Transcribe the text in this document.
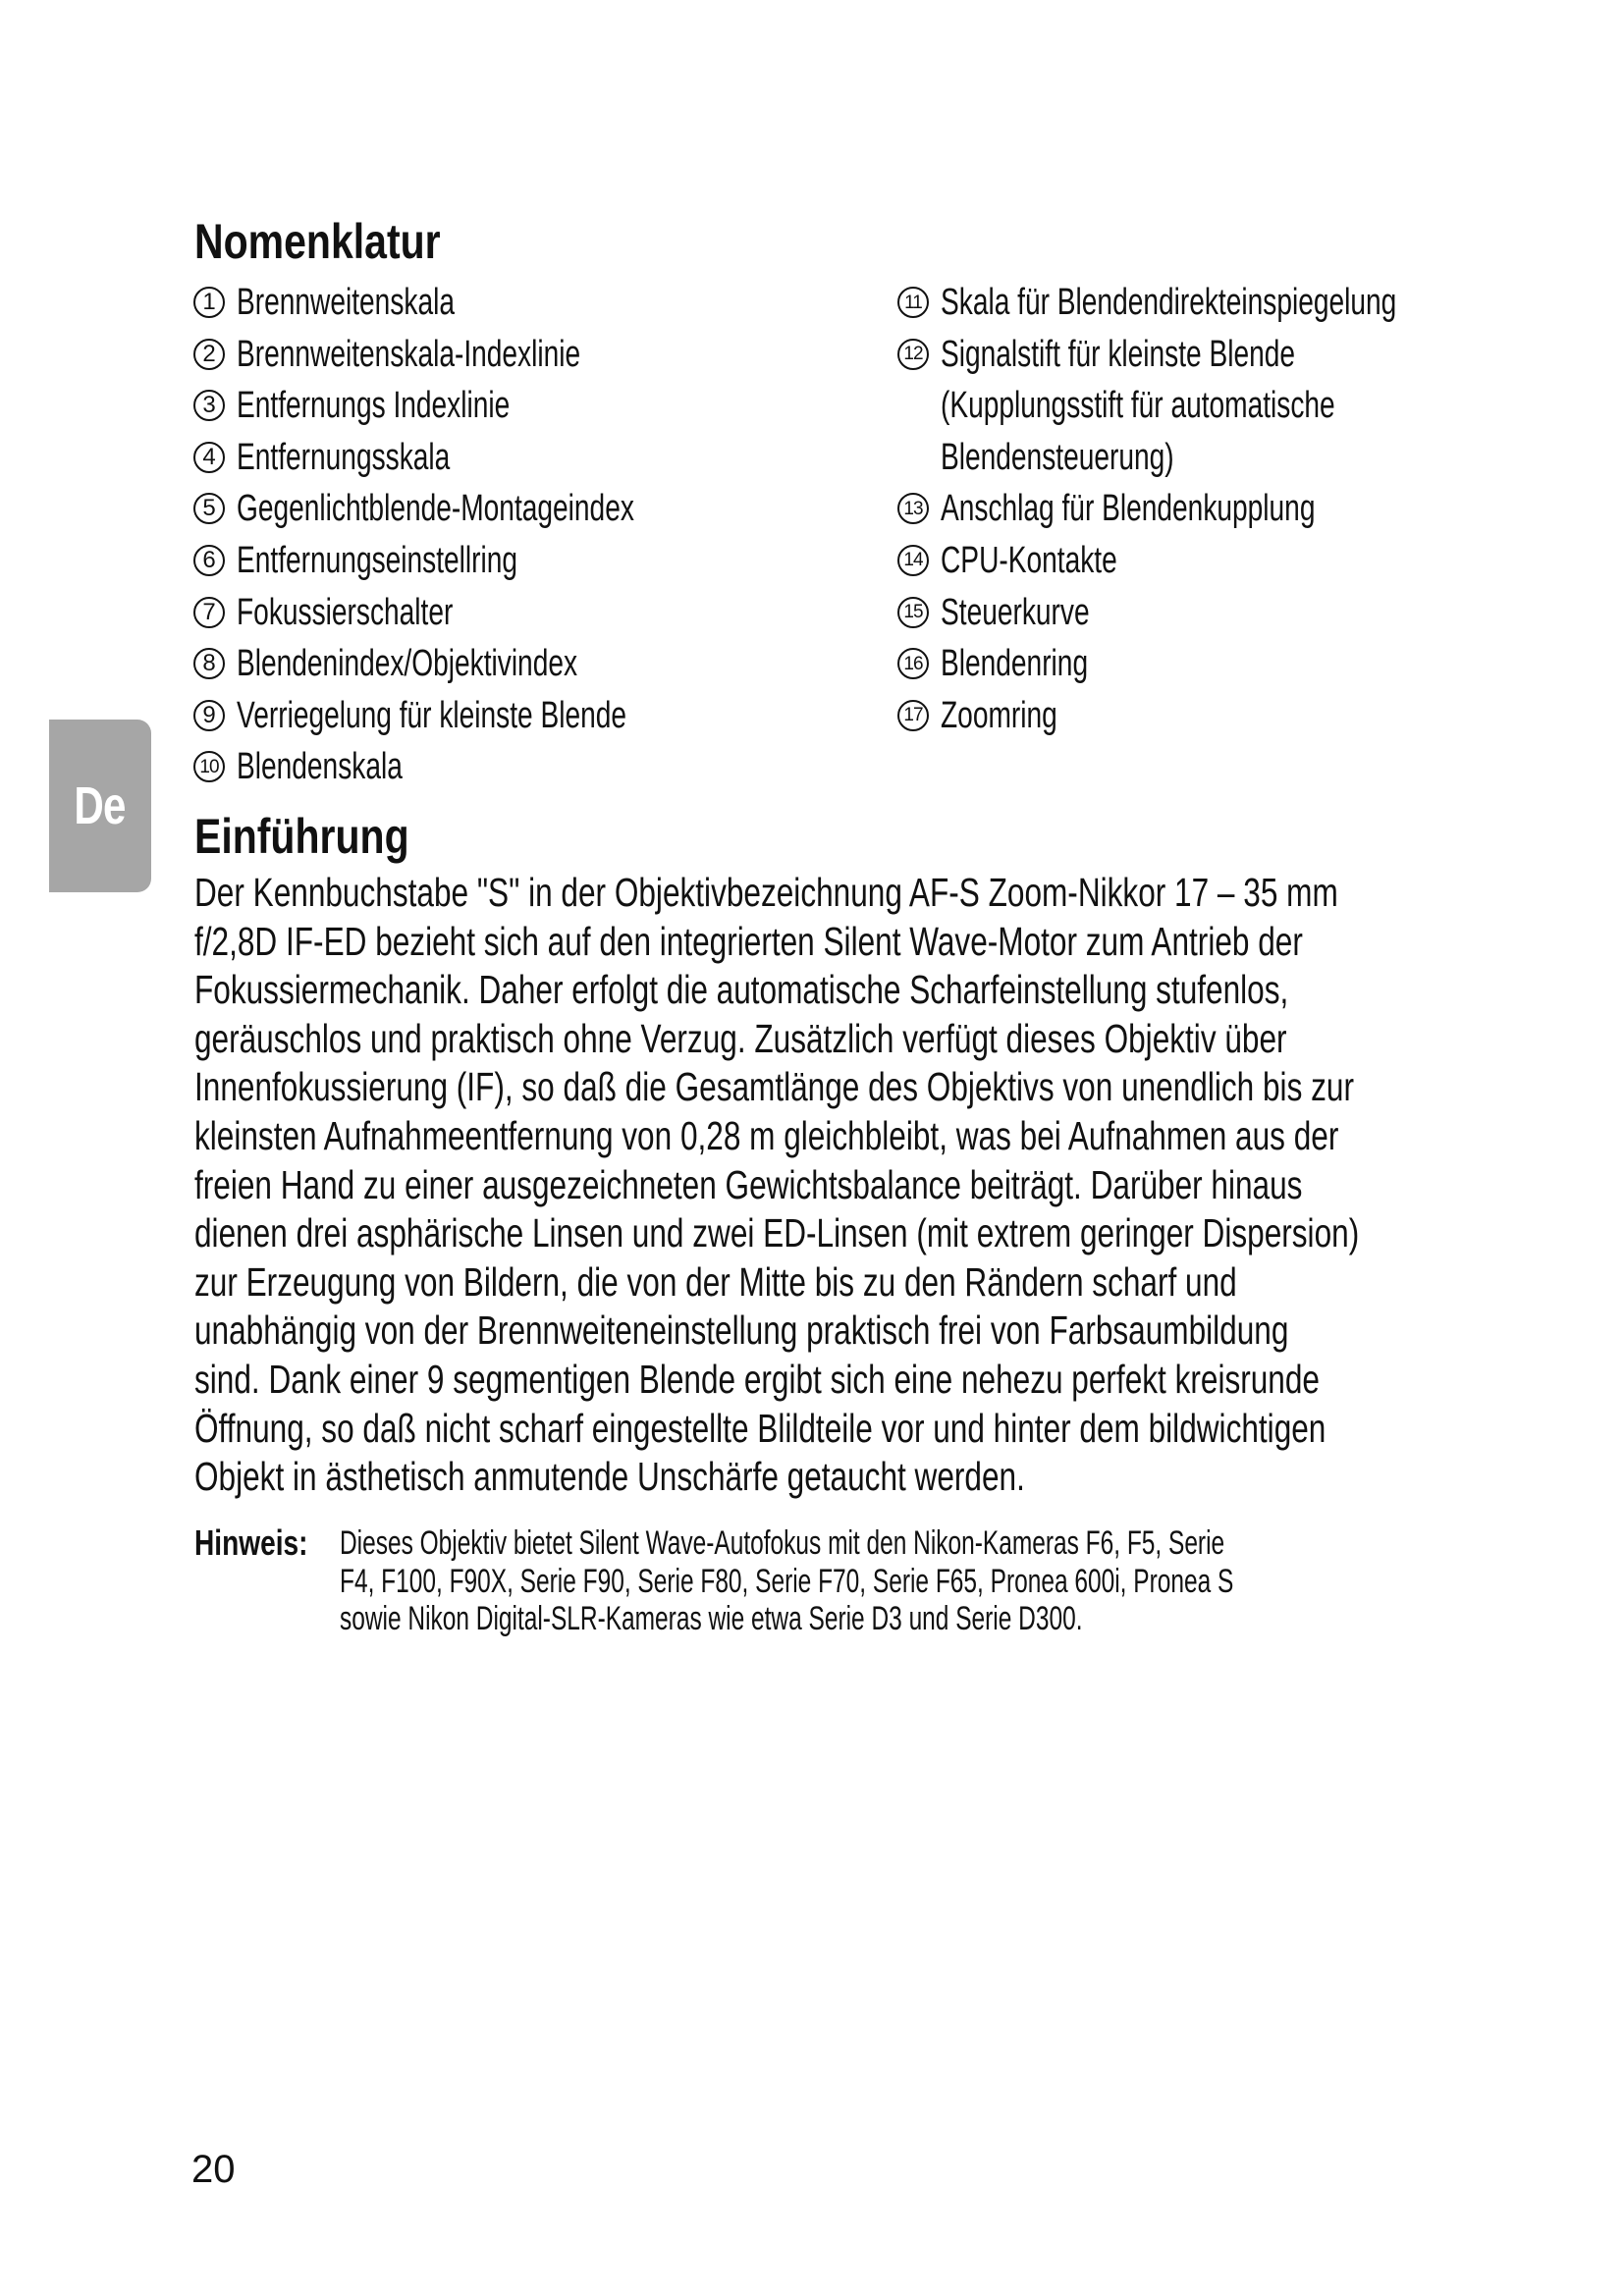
De
Nomenklatur
1 Brennweitenskala
2 Brennweitenskala-Indexlinie
3 Entfernungs Indexlinie
4 Entfernungsskala
5 Gegenlichtblende-Montageindex
6 Entfernungseinstellring
7 Fokussierschalter
8 Blendenindex/Objektivindex
9 Verriegelung für kleinste Blende
10 Blendenskala
11 Skala für Blendendirekteinspiegelung
12 Signalstift für kleinste Blende
(Kupplungsstift für automatische
Blendensteuerung)
13 Anschlag für Blendenkupplung
14 CPU-Kontakte
15 Steuerkurve
16 Blendenring
17 Zoomring
Einführung

Der Kennbuchstabe "S" in der Objektivbezeichnung AF-S Zoom-Nikkor 17 – 35 mm
f/2,8D IF-ED bezieht sich auf den integrierten Silent Wave-Motor zum Antrieb der
Fokussiermechanik. Daher erfolgt die automatische Scharfeinstellung stufenlos,
geräuschlos und praktisch ohne Verzug. Zusätzlich verfügt dieses Objektiv über
Innenfokussierung (IF), so daß die Gesamtlänge des Objektivs von unendlich bis zur
kleinsten Aufnahmeentfernung von 0,28 m gleichbleibt, was bei Aufnahmen aus der
freien Hand zu einer ausgezeichneten Gewichtsbalance beiträgt. Darüber hinaus
dienen drei asphärische Linsen und zwei ED-Linsen (mit extrem geringer Dispersion)
zur Erzeugung von Bildern, die von der Mitte bis zu den Rändern scharf und
unabhängig von der Brennweiteneinstellung praktisch frei von Farbsaumbildung
sind. Dank einer 9 segmentigen Blende ergibt sich eine nehezu perfekt kreisrunde
Öffnung, so daß nicht scharf eingestellte Blildteile vor und hinter dem bildwichtigen
Objekt in ästhetisch anmutende Unschärfe getaucht werden.

Hinweis: Dieses Objektiv bietet Silent Wave-Autofokus mit den Nikon-Kameras F6, F5, Serie
F4, F100, F90X, Serie F90, Serie F80, Serie F70, Serie F65, Pronea 600i, Pronea S
sowie Nikon Digital-SLR-Kameras wie etwa Serie D3 und Serie D300.
20
